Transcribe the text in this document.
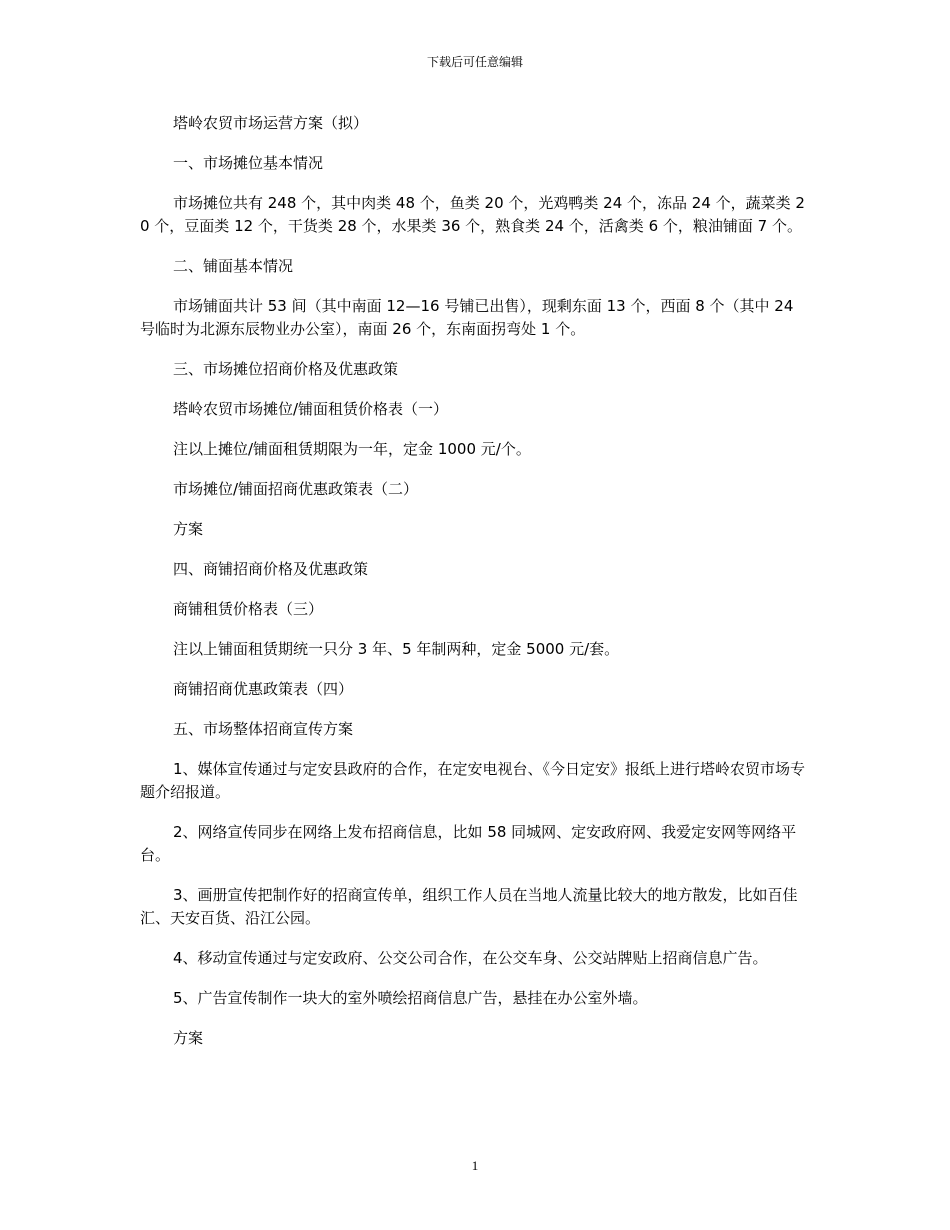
下载后可任意编辑

塔岭农贸市场运营方案（拟）

一、市场摊位基本情况

市场摊位共有 248 个，其中肉类 48 个，鱼类 20 个，光鸡鸭类 24 个，冻品 24 个，蔬菜类 20 个，豆面类 12 个，干货类 28 个，水果类 36 个，熟食类 24 个，活禽类 6 个，粮油铺面 7 个。

二、铺面基本情况

市场铺面共计 53 间（其中南面 12—16 号铺已出售），现剩东面 13 个，西面 8 个（其中 24 号临时为北源东辰物业办公室），南面 26 个，东南面拐弯处 1 个。

三、市场摊位招商价格及优惠政策

塔岭农贸市场摊位/铺面租赁价格表（一）

注以上摊位/铺面租赁期限为一年，定金 1000 元/个。

市场摊位/铺面招商优惠政策表（二）

方案

四、商铺招商价格及优惠政策

商铺租赁价格表（三）

注以上铺面租赁期统一只分 3 年、5 年制两种，定金 5000 元/套。

商铺招商优惠政策表（四）

五、市场整体招商宣传方案

1、媒体宣传通过与定安县政府的合作，在定安电视台、《今日定安》报纸上进行塔岭农贸市场专题介绍报道。

2、网络宣传同步在网络上发布招商信息，比如 58 同城网、定安政府网、我爱定安网等网络平台。

3、画册宣传把制作好的招商宣传单，组织工作人员在当地人流量比较大的地方散发，比如百佳汇、天安百货、沿江公园。

4、移动宣传通过与定安政府、公交公司合作，在公交车身、公交站牌贴上招商信息广告。

5、广告宣传制作一块大的室外喷绘招商信息广告，悬挂在办公室外墙。

方案

1
